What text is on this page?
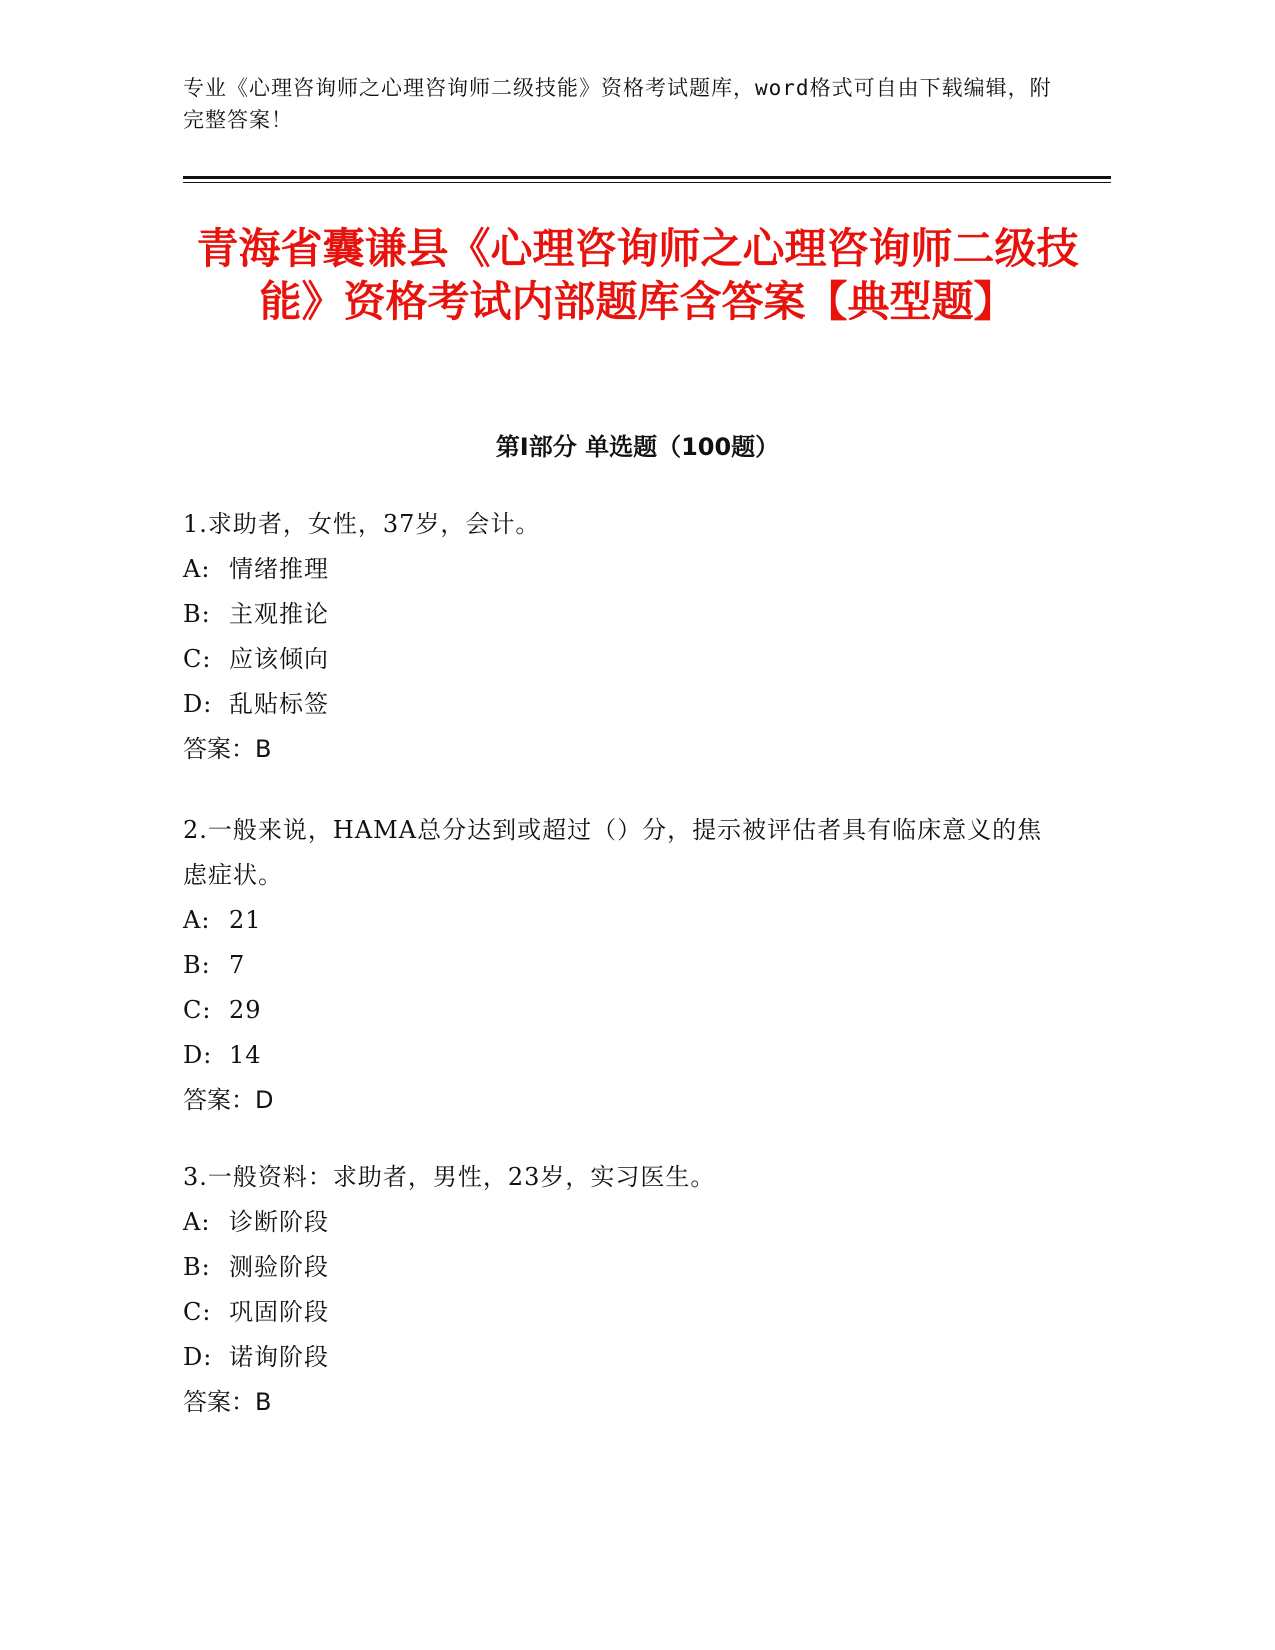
专业《心理咨询师之心理咨询师二级技能》资格考试题库，word格式可自由下载编辑，附完整答案！
青海省囊谦县《心理咨询师之心理咨询师二级技能》资格考试内部题库含答案【典型题】
第Ⅰ部分 单选题（100题）

1.求助者，女性，37岁，会计。

A: 情绪推理

B: 主观推论

C: 应该倾向

D: 乱贴标签

答案：B

2.一般来说，HAMA总分达到或超过（）分，提示被评估者具有临床意义的焦虑症状。

A: 21

B: 7

C: 29

D: 14

答案：D

3.一般资料：求助者，男性，23岁，实习医生。

A: 诊断阶段

B: 测验阶段

C: 巩固阶段

D: 诺询阶段

答案：B
